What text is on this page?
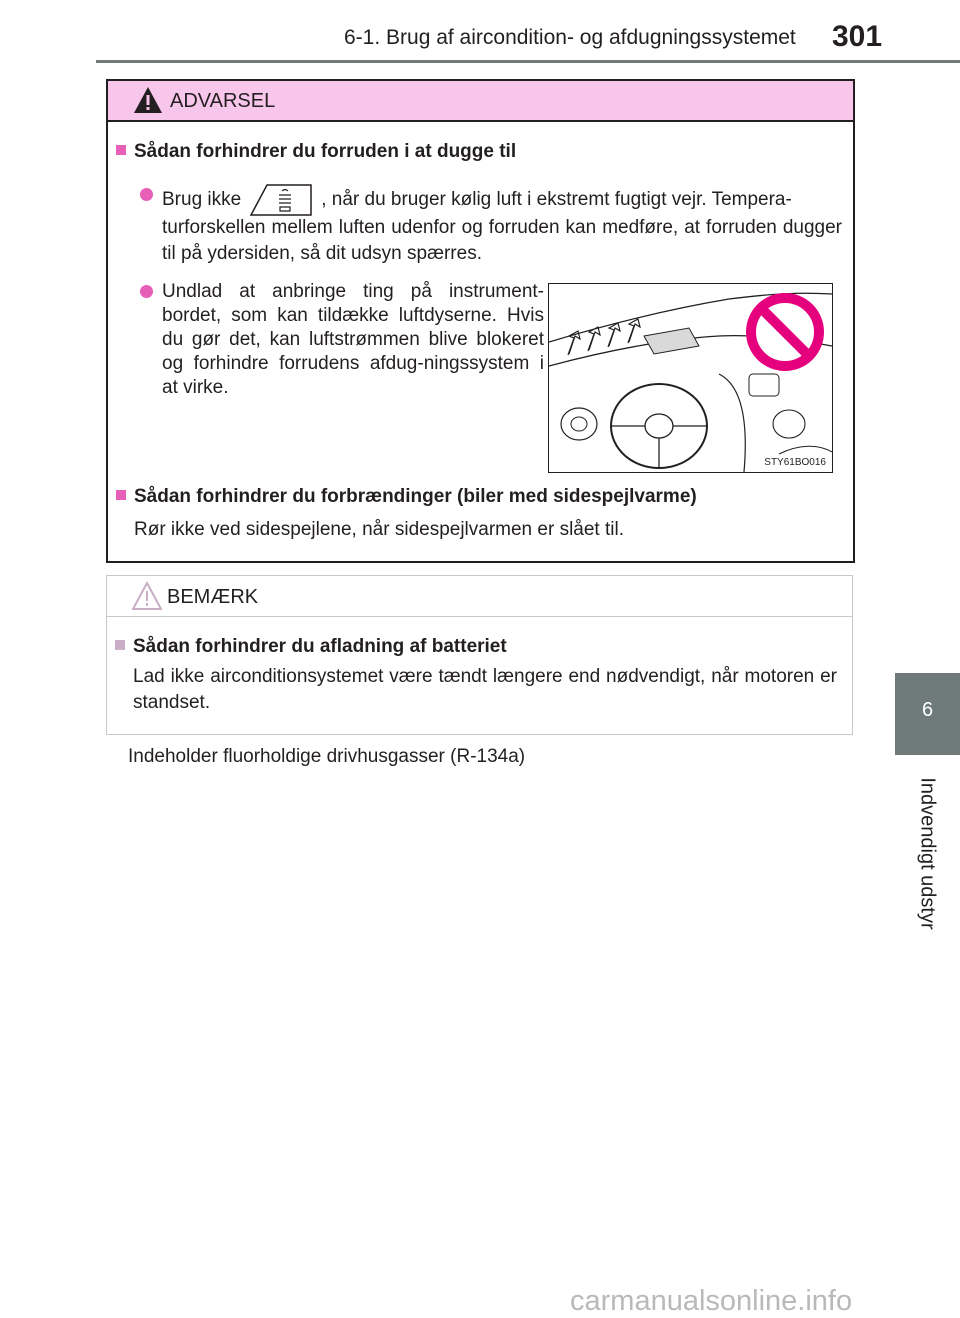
6-1. Brug af aircondition- og afdugningssystemet 301
6
Indvendigt udstyr
ADVARSEL
Sådan forhindrer du forruden i at dugge til
Brug ikke	, når du bruger kølig luft i ekstremt fugtigt vejr. Tempera-
turforskellen mellem luften udenfor og forruden kan medføre, at forruden dugger til på ydersiden, så dit udsyn spærres.
Undlad at anbringe ting på instrument-bordet, som kan tildække luftdyserne. Hvis du gør det, kan luftstrømmen blive blokeret og forhindre forrudens afdug-ningssystem i at virke.
STY61BO016
Sådan forhindrer du forbrændinger (biler med sidespejlvarme)
Rør ikke ved sidespejlene, når sidespejlvarmen er slået til.
BEMÆRK
Sådan forhindrer du afladning af batteriet
Lad ikke airconditionsystemet være tændt længere end nødvendigt, når motoren er standset.
Indeholder fluorholdige drivhusgasser (R-134a)
carmanualsonline.info
